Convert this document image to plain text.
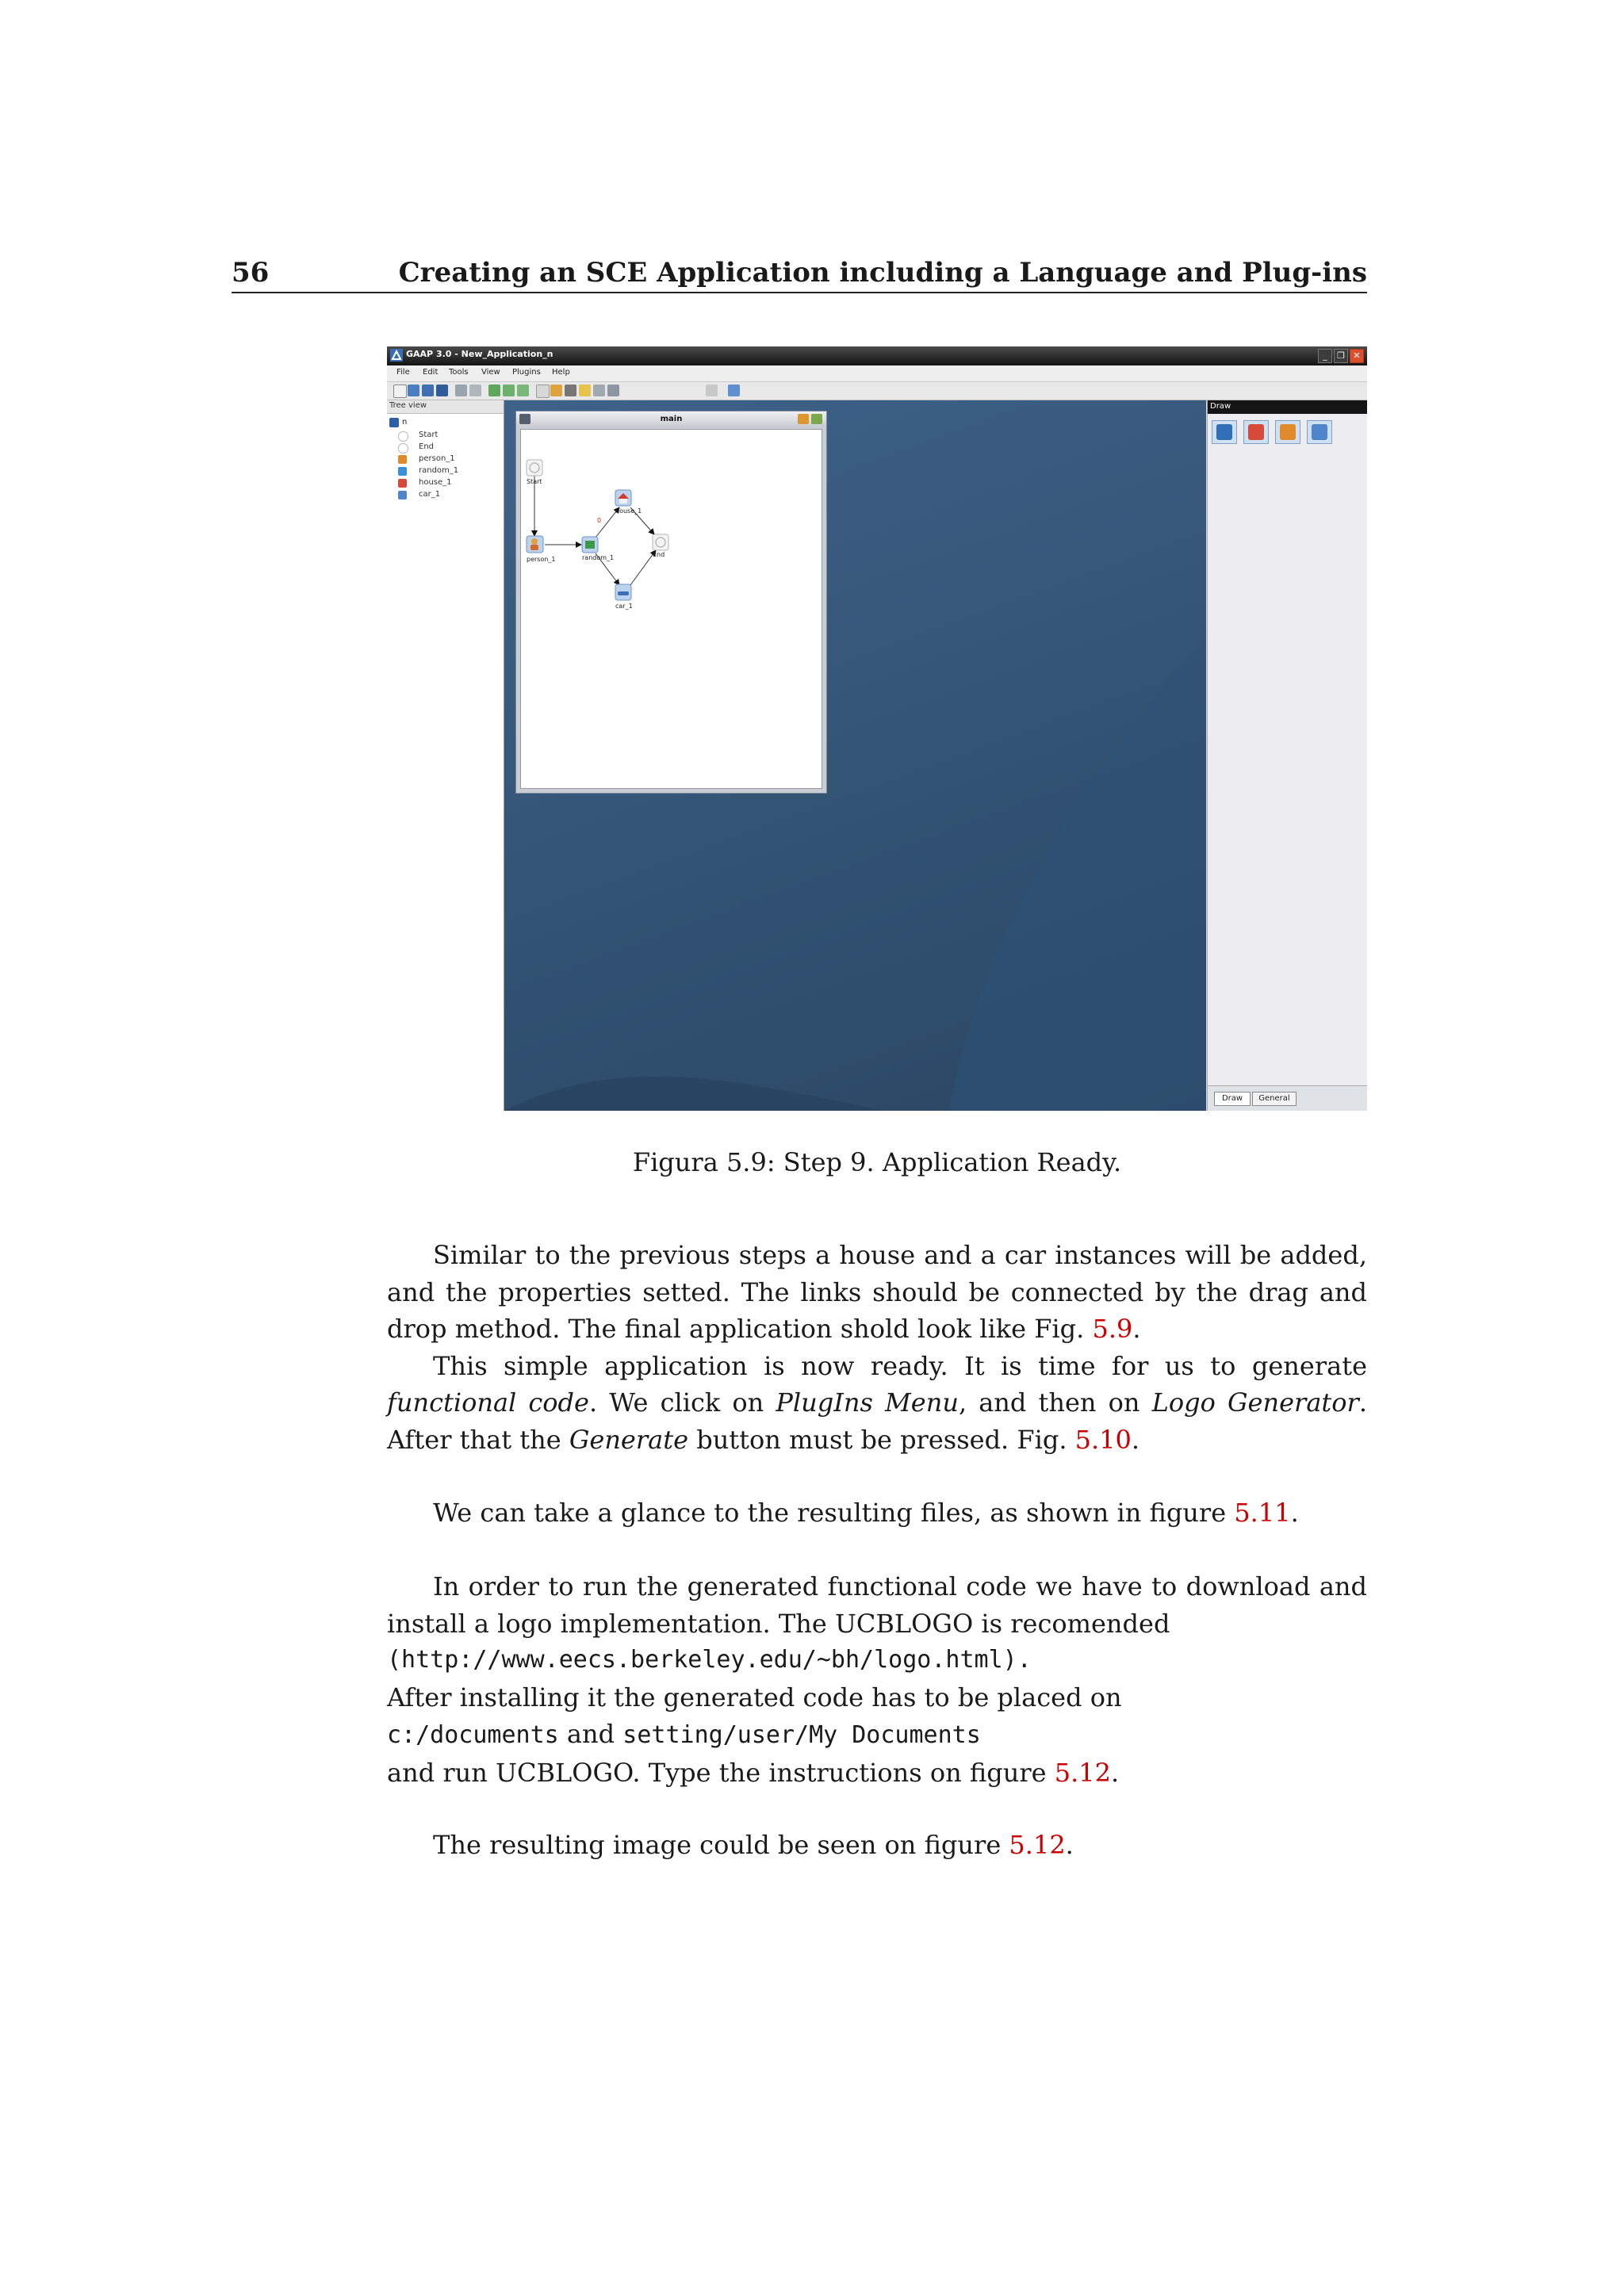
56	Creating an SCE Application including a Language and Plug-ins
GAAP 3.0 - New_Application_n	_	❐ ✕
File Edit Tools View Plugins Help
Tree view
n
Start
End
person_1
random_1
house_1
car_1
main
0
Start
person_1	random_1
house_1
End
car_1
Draw
Draw	General
Figura 5.9: Step 9. Application Ready.

Similar to the previous steps a house and a car instances will be added, and the properties setted. The links should be connected by the drag and drop method. The final application shold look like Fig. 5.9.

This simple application is now ready. It is time for us to generate functional code. We click on PlugIns Menu, and then on Logo Generator. After that the Generate button must be pressed. Fig. 5.10.

We can take a glance to the resulting files, as shown in figure 5.11.

In order to run the generated functional code we have to download and
install a logo implementation. The UCBLOGO is recomended
(http://www.eecs.berkeley.edu/~bh/logo.html).
After installing it the generated code has to be placed on
c:/documents and setting/user/My Documents
and run UCBLOGO. Type the instructions on figure 5.12.

The resulting image could be seen on figure 5.12.
